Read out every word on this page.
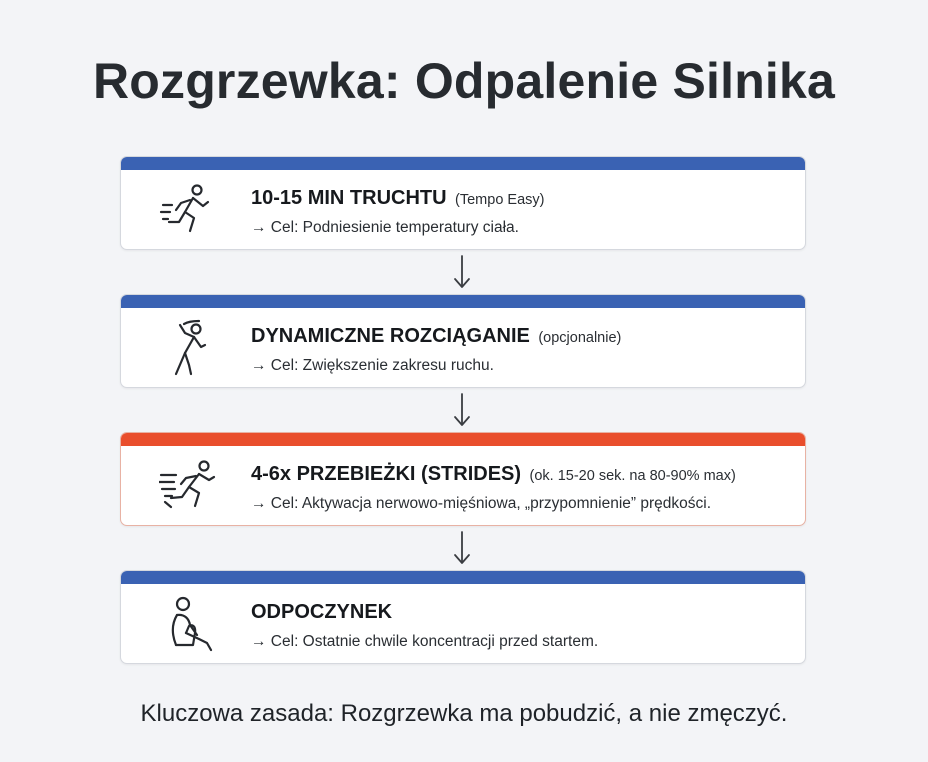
Rozgrzewka: Odpalenie Silnika
10-15 MIN TRUCHTU (Tempo Easy)
→ Cel: Podniesienie temperatury ciała.
DYNAMICZNE ROZCIĄGANIE (opcjonalnie)
→ Cel: Zwiększenie zakresu ruchu.
4-6x PRZEBIEŻKI (STRIDES) (ok. 15-20 sek. na 80-90% max)
→ Cel: Aktywacja nerwowo-mięśniowa, „przypomnienie” prędkości.
ODPOCZYNEK
→ Cel: Ostatnie chwile koncentracji przed startem.
Kluczowa zasada: Rozgrzewka ma pobudzić, a nie zmęczyć.
